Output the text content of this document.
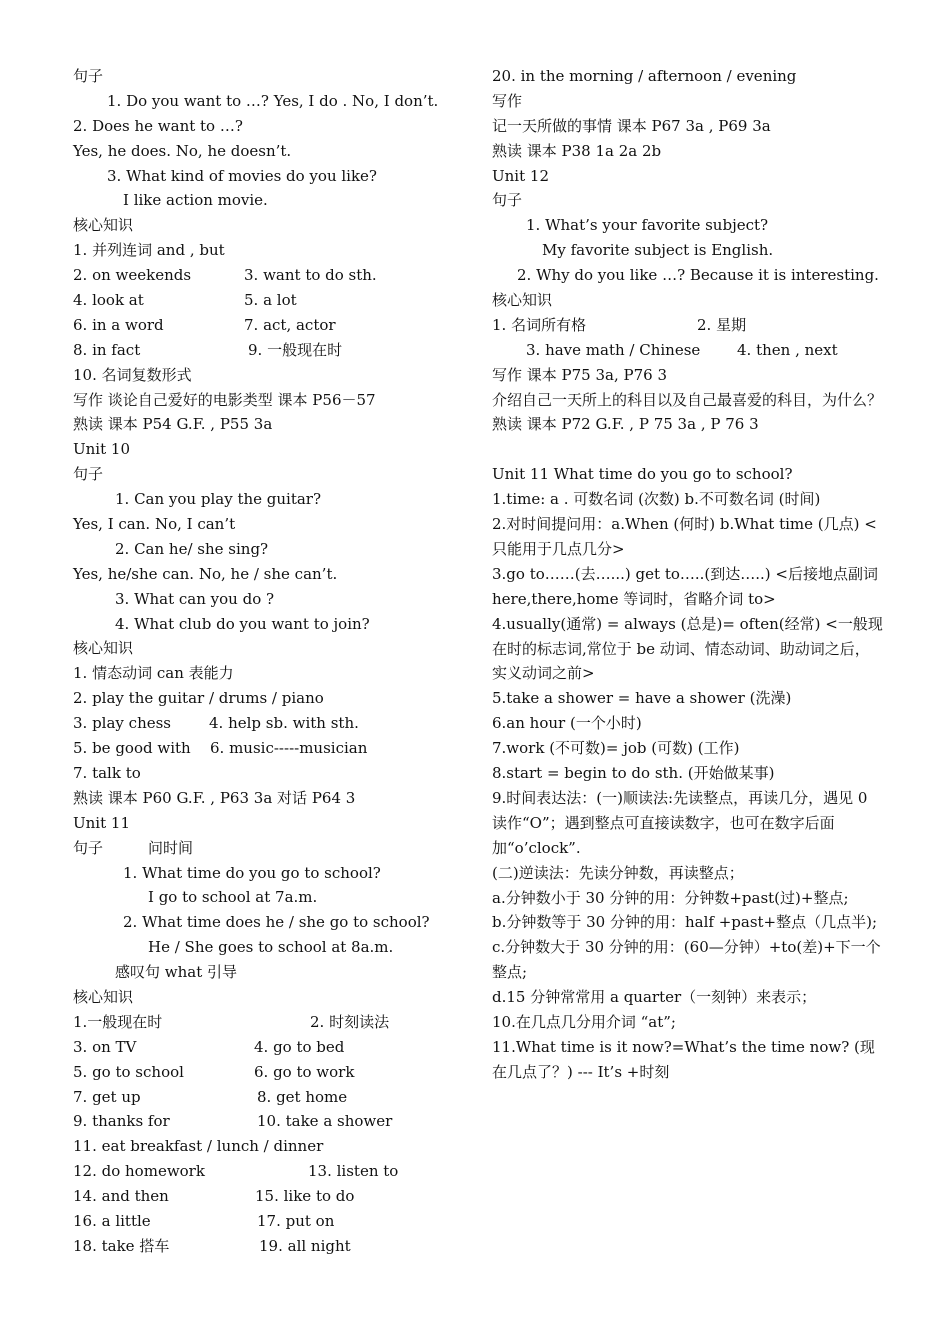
句子
1. Do you want to …? Yes, I do . No, I don’t.
2. Does he want to …?
Yes, he does. No, he doesn’t.
3. What kind of movies do you like?
I like action movie.
核心知识
1. 并列连词 and , but
2. on weekends	3. want to do sth.
4. look at	5. a lot
6. in a word	7. act, actor
8. in fact	9. 一般现在时
10. 名词复数形式
写作 谈论自己爱好的电影类型 课本 P56－57
熟读 课本 P54 G.F. , P55 3a
Unit 10
句子
1. Can you play the guitar?
Yes, I can. No, I can’t
2. Can he/ she sing?
Yes, he/she can. No, he / she can’t.
3. What can you do ?
4. What club do you want to join?
核心知识
1. 情态动词 can 表能力
2. play the guitar / drums / piano
3. play chess	4. help sb. with sth.
5. be good with 6. music-----musician
7. talk to
熟读 课本 P60 G.F. , P63 3a 对话 P64 3
Unit 11
句子	问时间
1. What time do you go to school?
I go to school at 7a.m.
2. What time does he / she go to school?
He / She goes to school at 8a.m.
感叹句 what 引导
核心知识
1.一般现在时	2. 时刻读法
3. on TV	4. go to bed
5. go to school	6. go to work
7. get up	8. get home
9. thanks for	10. take a shower
11. eat breakfast / lunch / dinner
12. do homework	13. listen to
14. and then	15. like to do
16. a little	17. put on
18. take 搭车	19. all night
20. in the morning / afternoon / evening
写作
记一天所做的事情 课本 P67 3a , P69 3a
熟读 课本 P38 1a 2a 2b
Unit 12
句子
1. What’s your favorite subject?
My favorite subject is English.
2. Why do you like …? Because it is interesting.
核心知识
1. 名词所有格	2. 星期
3. have math / Chinese 4. then , next
写作 课本 P75 3a, P76 3
介绍自己一天所上的科目以及自己最喜爱的科目，为什么？
熟读 课本 P72 G.F. , P 75 3a , P 76 3
Unit 11 What time do you go to school?
1.time: a . 可数名词 (次数) b.不可数名词 (时间)
2.对时间提问用：a.When (何时) b.What time (几点) <只能用于几点几分>
3.go to……(去…...) get to…..(到达…..) <后接地点副词 here,there,home 等词时，省略介词 to>
4.usually(通常) = always (总是)= often(经常) <一般现在时的标志词,常位于 be 动词、情态动词、助动词之后，实义动词之前>
5.take a shower = have a shower (洗澡)
6.an hour (一个小时)
7.work (不可数)= job (可数) (工作)
8.start = begin to do sth. (开始做某事)
9.时间表达法：(一)顺读法:先读整点，再读几分，遇见 0 读作“O”；遇到整点可直接读数字，也可在数字后面加“o’clock”.
(二)逆读法：先读分钟数，再读整点；
a.分钟数小于 30 分钟的用：分钟数+past(过)+整点;
b.分钟数等于 30 分钟的用：half +past+整点（几点半);
c.分钟数大于 30 分钟的用：(60—分钟）+to(差)+下一个整点;
d.15 分钟常常用 a quarter（一刻钟）来表示；
10.在几点几分用介词 “at”;
11.What time is it now?=What’s the time now? (现在几点了？) --- It’s +时刻
